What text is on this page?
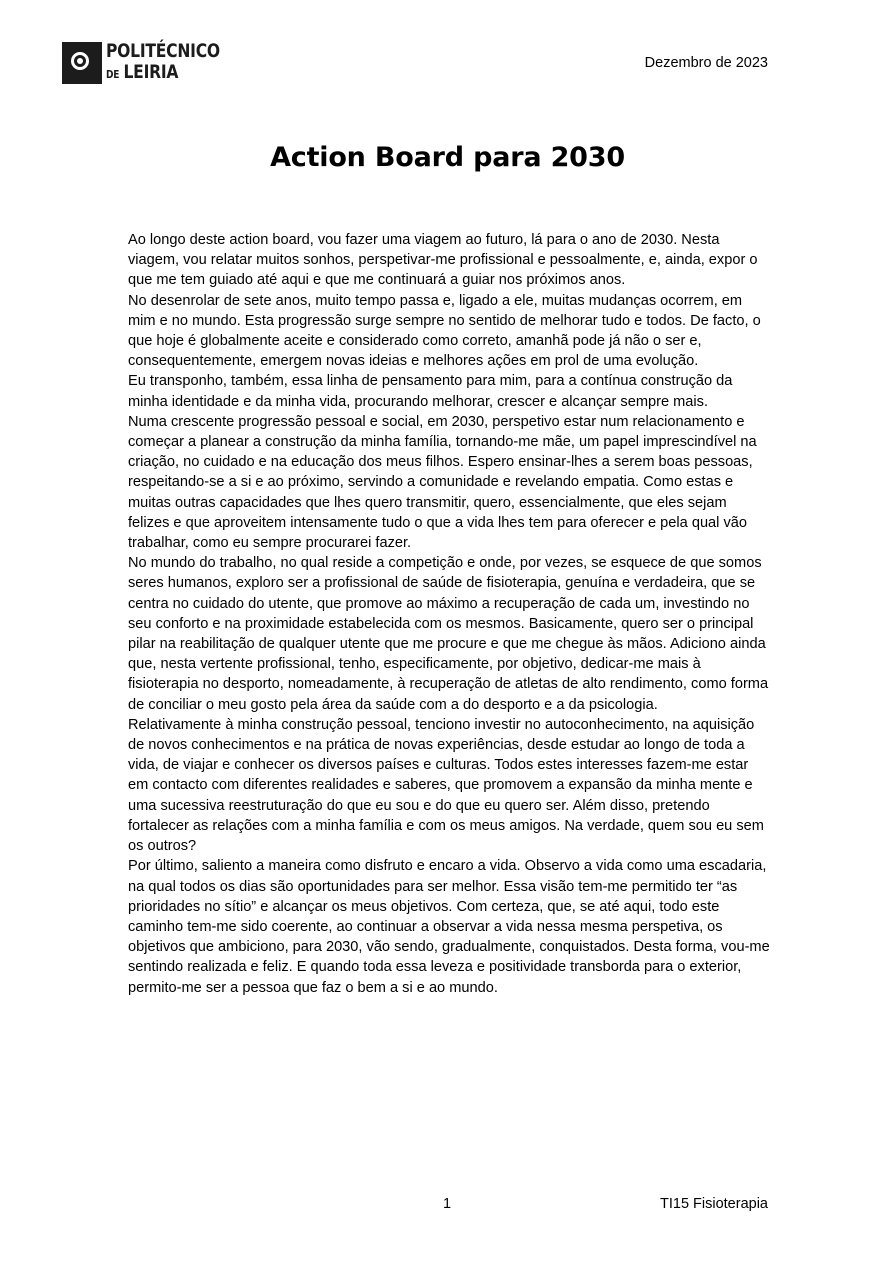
POLITÉCNICO
DE LEIRIA	Dezembro de 2023
Action Board para 2030

Ao longo deste action board, vou fazer uma viagem ao futuro, lá para o ano de 2030. Nesta viagem, vou relatar muitos sonhos, perspetivar-me profissional e pessoalmente, e, ainda, expor o que me tem guiado até aqui e que me continuará a guiar nos próximos anos.

No desenrolar de sete anos, muito tempo passa e, ligado a ele, muitas mudanças ocorrem, em mim e no mundo. Esta progressão surge sempre no sentido de melhorar tudo e todos. De facto, o que hoje é globalmente aceite e considerado como correto, amanhã pode já não o ser e, consequentemente, emergem novas ideias e melhores ações em prol de uma evolução.

Eu transponho, também, essa linha de pensamento para mim, para a contínua construção da minha identidade e da minha vida, procurando melhorar, crescer e alcançar sempre mais.

Numa crescente progressão pessoal e social, em 2030, perspetivo estar num relacionamento e começar a planear a construção da minha família, tornando-me mãe, um papel imprescindível na criação, no cuidado e na educação dos meus filhos. Espero ensinar-lhes a serem boas pessoas, respeitando-se a si e ao próximo, servindo a comunidade e revelando empatia. Como estas e muitas outras capacidades que lhes quero transmitir, quero, essencialmente, que eles sejam felizes e que aproveitem intensamente tudo o que a vida lhes tem para oferecer e pela qual vão trabalhar, como eu sempre procurarei fazer.

No mundo do trabalho, no qual reside a competição e onde, por vezes, se esquece de que somos seres humanos, exploro ser a profissional de saúde de fisioterapia, genuína e verdadeira, que se centra no cuidado do utente, que promove ao máximo a recuperação de cada um, investindo no seu conforto e na proximidade estabelecida com os mesmos. Basicamente, quero ser o principal pilar na reabilitação de qualquer utente que me procure e que me chegue às mãos. Adiciono ainda que, nesta vertente profissional, tenho, especificamente, por objetivo, dedicar-me mais à fisioterapia no desporto, nomeadamente, à recuperação de atletas de alto rendimento, como forma de conciliar o meu gosto pela área da saúde com a do desporto e a da psicologia.

Relativamente à minha construção pessoal, tenciono investir no autoconhecimento, na aquisição de novos conhecimentos e na prática de novas experiências, desde estudar ao longo de toda a vida, de viajar e conhecer os diversos países e culturas. Todos estes interesses fazem-me estar em contacto com diferentes realidades e saberes, que promovem a expansão da minha mente e uma sucessiva reestruturação do que eu sou e do que eu quero ser. Além disso, pretendo fortalecer as relações com a minha família e com os meus amigos. Na verdade, quem sou eu sem os outros?

Por último, saliento a maneira como disfruto e encaro a vida. Observo a vida como uma escadaria, na qual todos os dias são oportunidades para ser melhor. Essa visão tem-me permitido ter “as prioridades no sítio” e alcançar os meus objetivos. Com certeza, que, se até aqui, todo este caminho tem-me sido coerente, ao continuar a observar a vida nessa mesma perspetiva, os objetivos que ambiciono, para 2030, vão sendo, gradualmente, conquistados. Desta forma, vou-me sentindo realizada e feliz. E quando toda essa leveza e positividade transborda para o exterior, permito-me ser a pessoa que faz o bem a si e ao mundo.

1	TI15 Fisioterapia
